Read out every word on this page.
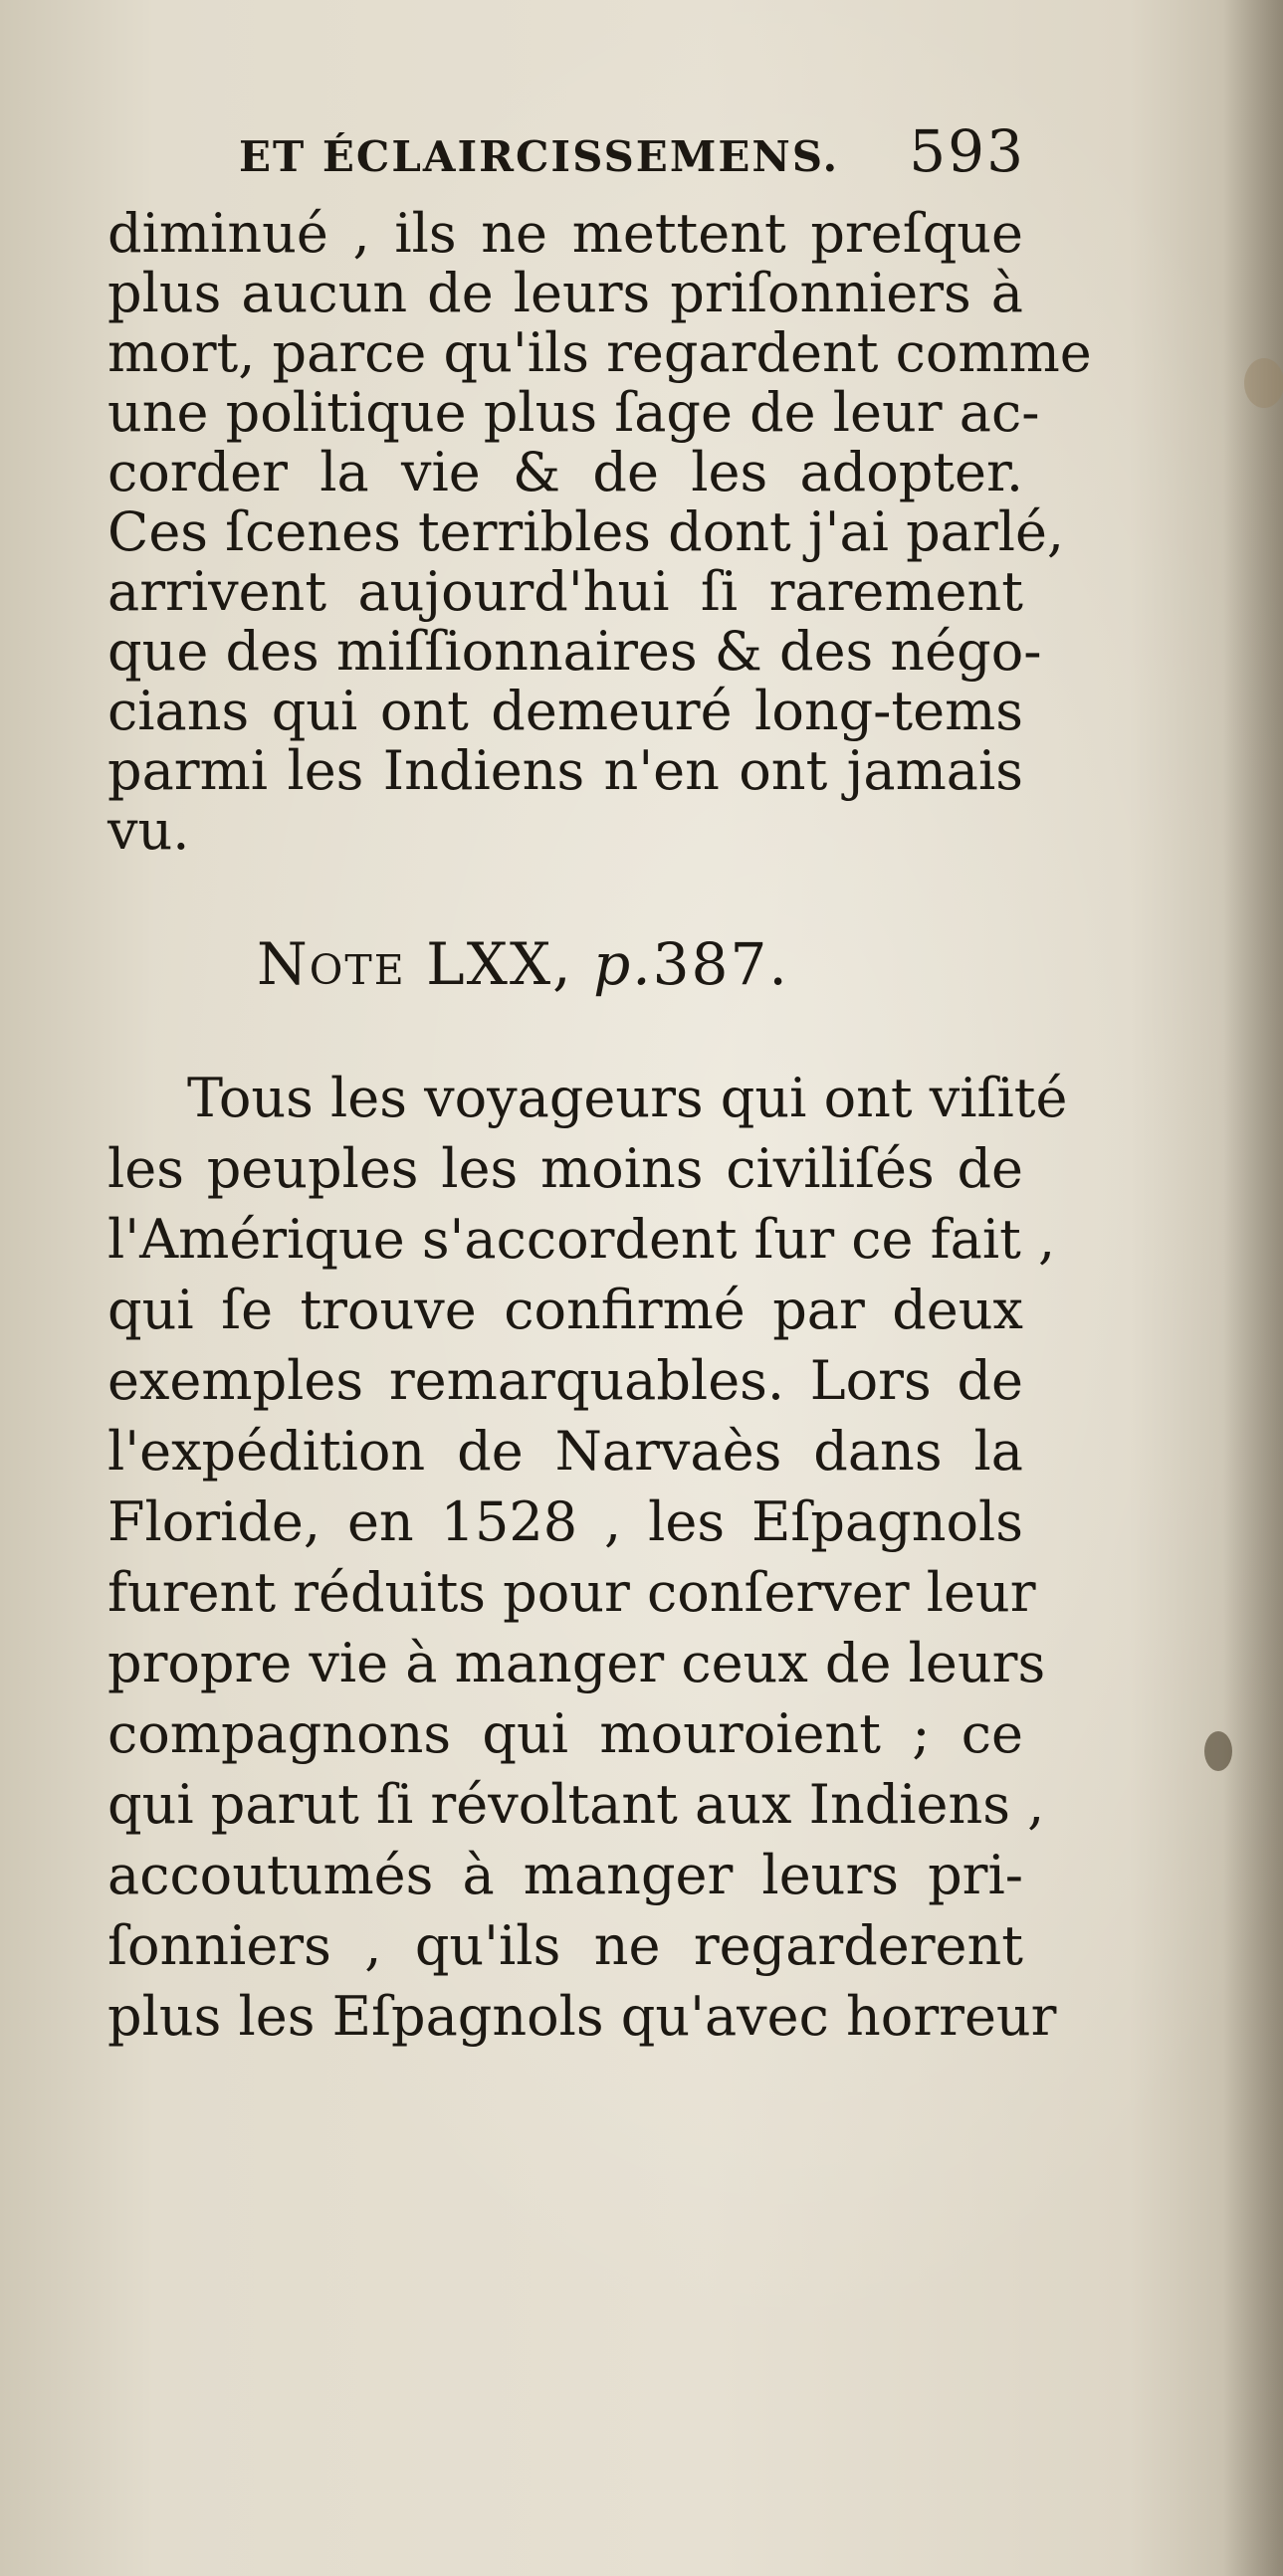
ET ÉCLAIRCISSEMENS. 593
diminué , ils ne mettent preſque
plus aucun de leurs priſonniers à
mort, parce qu'ils regardent comme
une politique plus ſage de leur ac-
corder la vie & de les adopter.
Ces ſcenes terribles dont j'ai parlé,
arrivent aujourd'hui ſi rarement
que des miſſionnaires & des négo-
cians qui ont demeuré long-tems
parmi les Indiens n'en ont jamais
vu.
Note LXX, p.387.
Tous les voyageurs qui ont viſité
les peuples les moins civiliſés de
l'Amérique s'accordent ſur ce fait ,
qui ſe trouve confirmé par deux
exemples remarquables. Lors de
l'expédition de Narvaès dans la
Floride, en 1528 , les Eſpagnols
furent réduits pour conſerver leur
propre vie à manger ceux de leurs
compagnons qui mouroient ; ce
qui parut ſi révoltant aux Indiens ,
accoutumés à manger leurs pri-
ſonniers , qu'ils ne regarderent
plus les Eſpagnols qu'avec horreur
